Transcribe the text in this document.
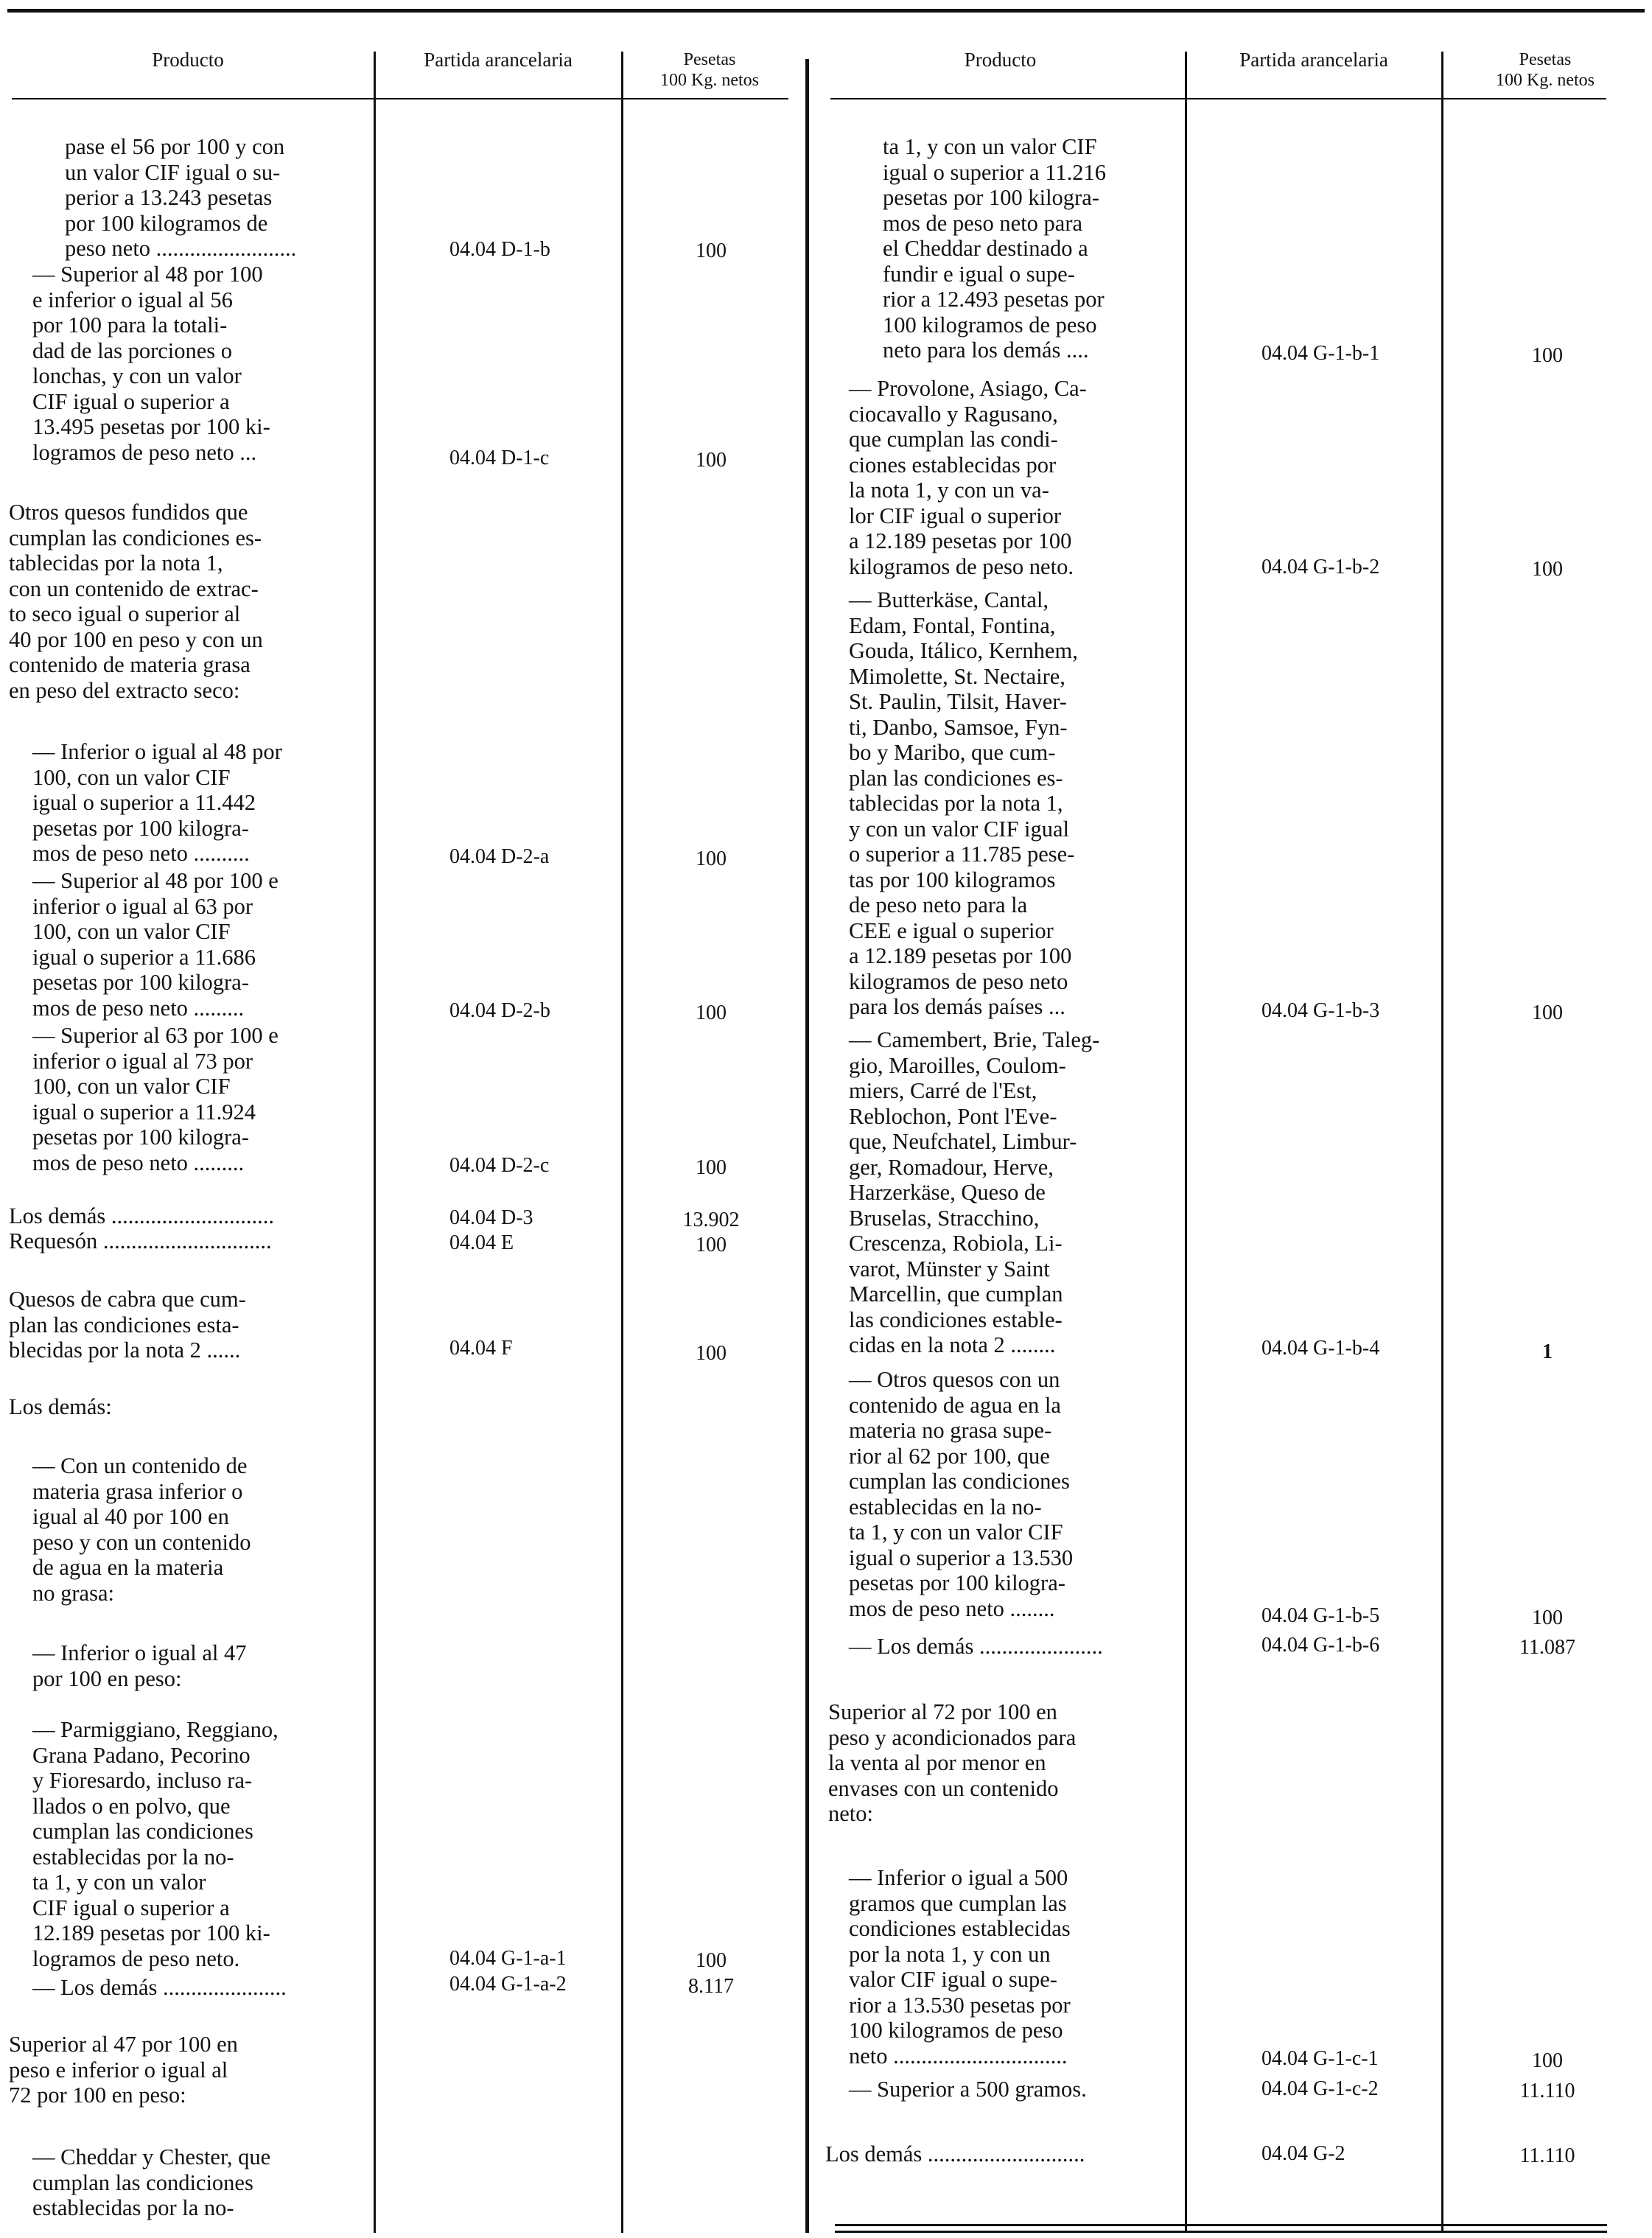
Producto	Partida arancelaria	Pesetas
100 Kg. netos
Producto	Partida arancelaria	Pesetas
100 Kg. netos
pase el 56 por 100 y con
un valor CIF igual o su-
perior a 13.243 pesetas
por 100 kilogramos de
peso neto .........................	04.04 D-1-b	100
— Superior al 48 por 100
e inferior o igual al 56
por 100 para la totali-
dad de las porciones o
lonchas, y con un valor
CIF igual o superior a
13.495 pesetas por 100 ki-
logramos de peso neto ...	04.04 D-1-c	100
Otros quesos fundidos que
cumplan las condiciones es-
tablecidas por la nota 1,
con un contenido de extrac-
to seco igual o superior al
40 por 100 en peso y con un
contenido de materia grasa
en peso del extracto seco:
— Inferior o igual al 48 por
100, con un valor CIF
igual o superior a 11.442
pesetas por 100 kilogra-
mos de peso neto ..........	04.04 D-2-a	100
— Superior al 48 por 100 e
inferior o igual al 63 por
100, con un valor CIF
igual o superior a 11.686
pesetas por 100 kilogra-
mos de peso neto .........	04.04 D-2-b	100
— Superior al 63 por 100 e
inferior o igual al 73 por
100, con un valor CIF
igual o superior a 11.924
pesetas por 100 kilogra-
mos de peso neto .........	04.04 D-2-c	100
Los demás .............................	04.04 D-3	13.902
Requesón ..............................	04.04 E	100
Quesos de cabra que cum-
plan las condiciones esta-
blecidas por la nota 2 ......	04.04 F	100
Los demás:
— Con un contenido de
materia grasa inferior o
igual al 40 por 100 en
peso y con un contenido
de agua en la materia
no grasa:
— Inferior o igual al 47
por 100 en peso:
— Parmiggiano, Reggiano,
Grana Padano, Pecorino
y Fioresardo, incluso ra-
llados o en polvo, que
cumplan las condiciones
establecidas por la no-
ta 1, y con un valor
CIF igual o superior a
12.189 pesetas por 100 ki-
logramos de peso neto.	04.04 G-1-a-1	100
— Los demás ......................	04.04 G-1-a-2	8.117
Superior al 47 por 100 en
peso e inferior o igual al
72 por 100 en peso:
— Cheddar y Chester, que
cumplan las condiciones
establecidas por la no-
ta 1, y con un valor CIF
igual o superior a 11.216
pesetas por 100 kilogra-
mos de peso neto para
el Cheddar destinado a
fundir e igual o supe-
rior a 12.493 pesetas por
100 kilogramos de peso
neto para los demás ....	04.04 G-1-b-1	100
— Provolone, Asiago, Ca-
ciocavallo y Ragusano,
que cumplan las condi-
ciones establecidas por
la nota 1, y con un va-
lor CIF igual o superior
a 12.189 pesetas por 100
kilogramos de peso neto.	04.04 G-1-b-2	100
— Butterkäse, Cantal,
Edam, Fontal, Fontina,
Gouda, Itálico, Kernhem,
Mimolette, St. Nectaire,
St. Paulin, Tilsit, Haver-
ti, Danbo, Samsoe, Fyn-
bo y Maribo, que cum-
plan las condiciones es-
tablecidas por la nota 1,
y con un valor CIF igual
o superior a 11.785 pese-
tas por 100 kilogramos
de peso neto para la
CEE e igual o superior
a 12.189 pesetas por 100
kilogramos de peso neto
para los demás países ...	04.04 G-1-b-3	100
— Camembert, Brie, Taleg-
gio, Maroilles, Coulom-
miers, Carré de l'Est,
Reblochon, Pont l'Eve-
que, Neufchatel, Limbur-
ger, Romadour, Herve,
Harzerkäse, Queso de
Bruselas, Stracchino,
Crescenza, Robiola, Li-
varot, Münster y Saint
Marcellin, que cumplan
las condiciones estable-
cidas en la nota 2 ........	04.04 G-1-b-4	1
— Otros quesos con un
contenido de agua en la
materia no grasa supe-
rior al 62 por 100, que
cumplan las condiciones
establecidas en la no-
ta 1, y con un valor CIF
igual o superior a 13.530
pesetas por 100 kilogra-
mos de peso neto ........	04.04 G-1-b-5	100
— Los demás ......................	04.04 G-1-b-6	11.087
Superior al 72 por 100 en
peso y acondicionados para
la venta al por menor en
envases con un contenido
neto:
— Inferior o igual a 500
gramos que cumplan las
condiciones establecidas
por la nota 1, y con un
valor CIF igual o supe-
rior a 13.530 pesetas por
100 kilogramos de peso
neto ...............................	04.04 G-1-c-1	100
— Superior a 500 gramos.	04.04 G-1-c-2	11.110
Los demás ............................	04.04 G-2	11.110
